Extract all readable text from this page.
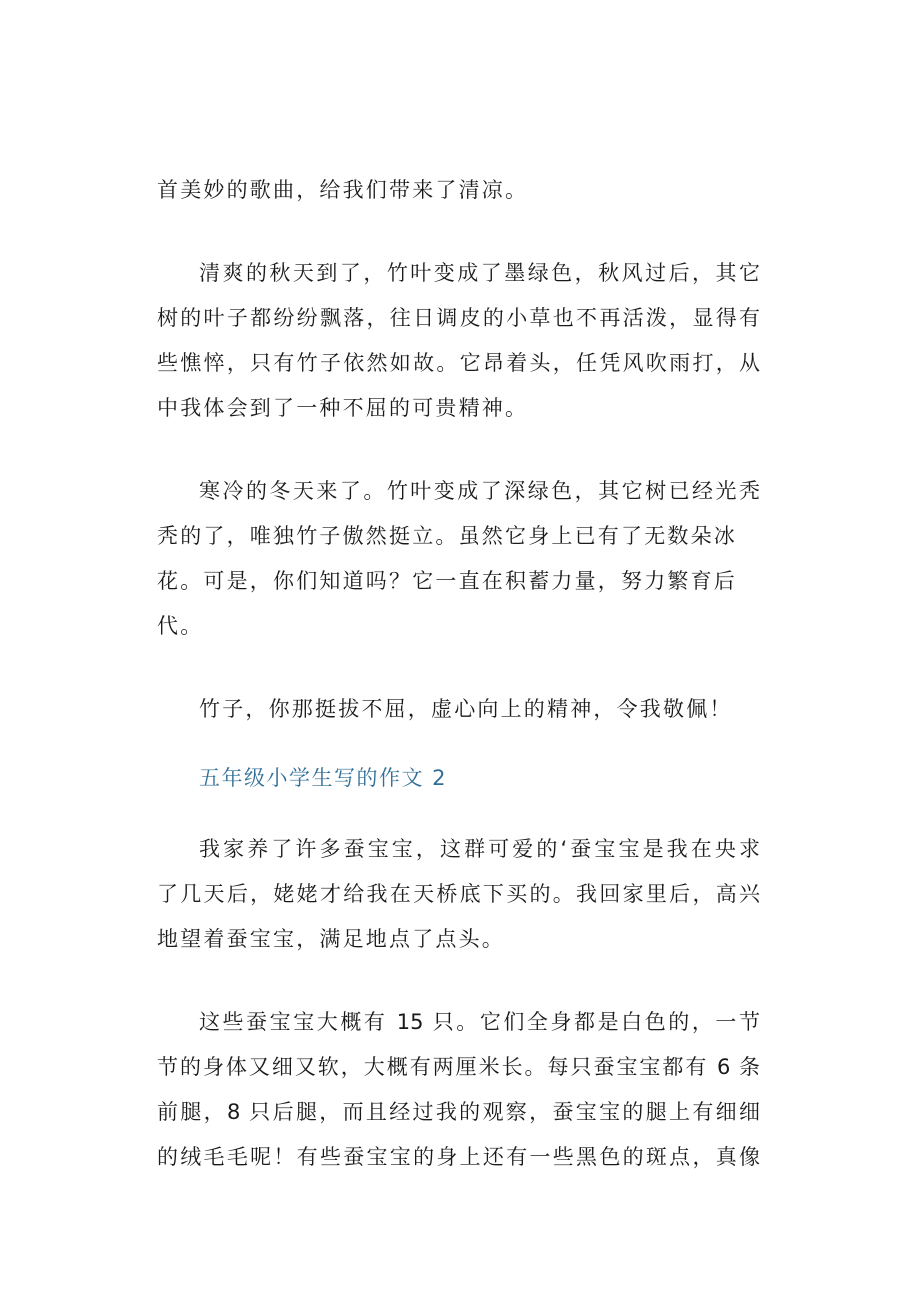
首美妙的歌曲，给我们带来了清凉。
清爽的秋天到了，竹叶变成了墨绿色，秋风过后，其它
树的叶子都纷纷飘落，往日调皮的小草也不再活泼，显得有
些憔悴，只有竹子依然如故。它昂着头，任凭风吹雨打，从
中我体会到了一种不屈的可贵精神。
寒冷的冬天来了。竹叶变成了深绿色，其它树已经光秃
秃的了，唯独竹子傲然挺立。虽然它身上已有了无数朵冰
花。可是，你们知道吗？它一直在积蓄力量，努力繁育后
代。
竹子，你那挺拔不屈，虚心向上的精神，令我敬佩！
五年级小学生写的作文 2
我家养了许多蚕宝宝，这群可爱的‘蚕宝宝是我在央求
了几天后，姥姥才给我在天桥底下买的。我回家里后，高兴
地望着蚕宝宝，满足地点了点头。
这些蚕宝宝大概有 15 只。它们全身都是白色的，一节
节的身体又细又软，大概有两厘米长。每只蚕宝宝都有 6 条
前腿，8 只后腿，而且经过我的观察，蚕宝宝的腿上有细细
的绒毛毛呢！有些蚕宝宝的身上还有一些黑色的斑点，真像
